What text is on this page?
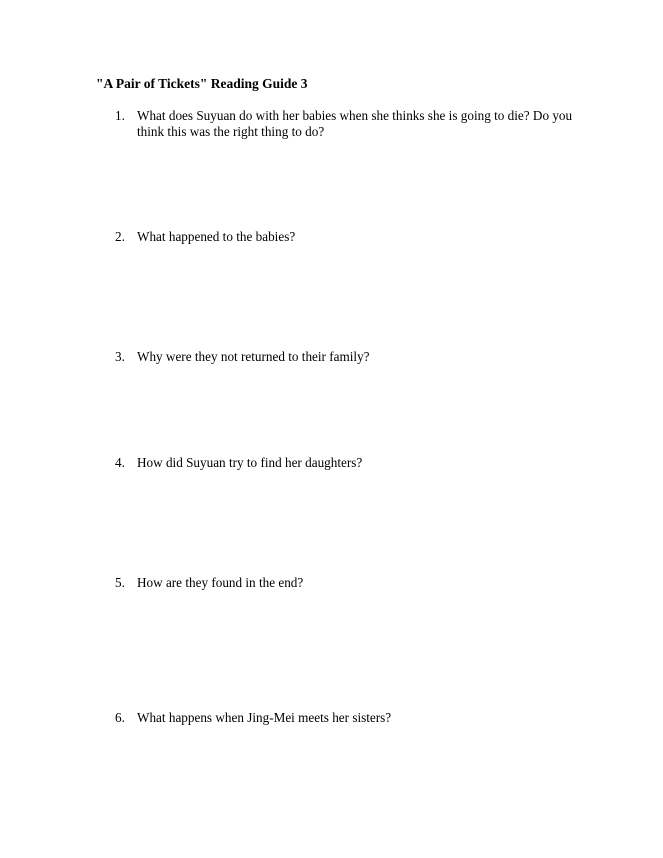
"A Pair of Tickets" Reading Guide 3
1. What does Suyuan do with her babies when she thinks she is going to die? Do you think this was the right thing to do?
2. What happened to the babies?
3. Why were they not returned to their family?
4. How did Suyuan try to find her daughters?
5. How are they found in the end?
6. What happens when Jing-Mei meets her sisters?
